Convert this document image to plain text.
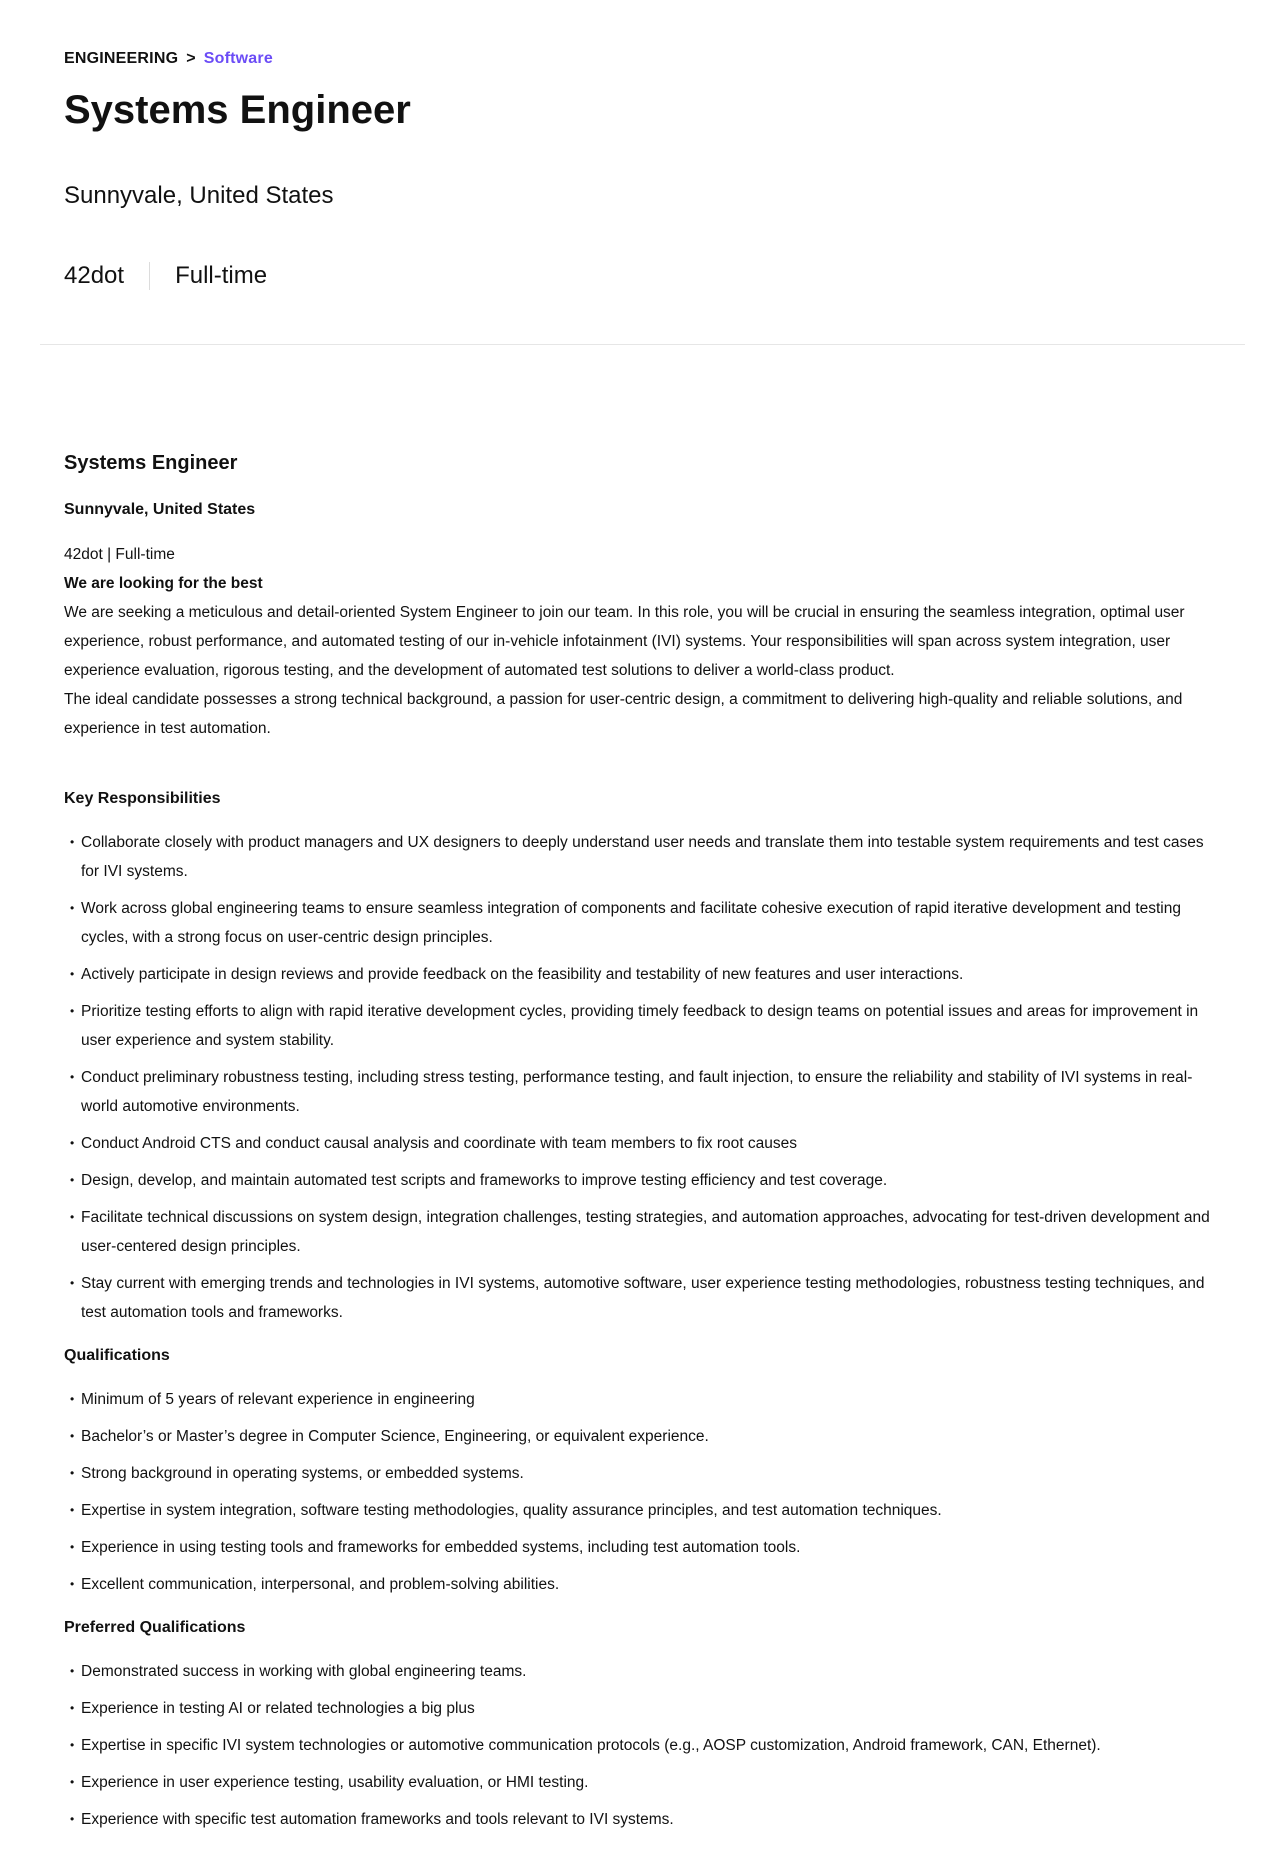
ENGINEERING > Software
Systems Engineer
Sunnyvale, United States
42dot Full-time
Systems Engineer
Sunnyvale, United States
42dot | Full-time
We are looking for the best

We are seeking a meticulous and detail-oriented System Engineer to join our team. In this role, you will be crucial in ensuring the seamless integration, optimal user experience, robust performance, and automated testing of our in-vehicle infotainment (IVI) systems. Your responsibilities will span across system integration, user experience evaluation, rigorous testing, and the development of automated test solutions to deliver a world-class product.

The ideal candidate possesses a strong technical background, a passion for user-centric design, a commitment to delivering high-quality and reliable solutions, and experience in test automation.

Key Responsibilities
• Collaborate closely with product managers and UX designers to deeply understand user needs and translate them into testable system requirements and test cases for IVI systems.
• Work across global engineering teams to ensure seamless integration of components and facilitate cohesive execution of rapid iterative development and testing cycles, with a strong focus on user-centric design principles.
• Actively participate in design reviews and provide feedback on the feasibility and testability of new features and user interactions.
• Prioritize testing efforts to align with rapid iterative development cycles, providing timely feedback to design teams on potential issues and areas for improvement in user experience and system stability.
• Conduct preliminary robustness testing, including stress testing, performance testing, and fault injection, to ensure the reliability and stability of IVI systems in real-world automotive environments.
• Conduct Android CTS and conduct causal analysis and coordinate with team members to fix root causes
• Design, develop, and maintain automated test scripts and frameworks to improve testing efficiency and test coverage.
• Facilitate technical discussions on system design, integration challenges, testing strategies, and automation approaches, advocating for test-driven development and user-centered design principles.
• Stay current with emerging trends and technologies in IVI systems, automotive software, user experience testing methodologies, robustness testing techniques, and test automation tools and frameworks.
Qualifications
• Minimum of 5 years of relevant experience in engineering
• Bachelor’s or Master’s degree in Computer Science, Engineering, or equivalent experience.
• Strong background in operating systems, or embedded systems.
• Expertise in system integration, software testing methodologies, quality assurance principles, and test automation techniques.
• Experience in using testing tools and frameworks for embedded systems, including test automation tools.
• Excellent communication, interpersonal, and problem-solving abilities.
Preferred Qualifications
• Demonstrated success in working with global engineering teams.
• Experience in testing AI or related technologies a big plus
• Expertise in specific IVI system technologies or automotive communication protocols (e.g., AOSP customization, Android framework, CAN, Ethernet).
• Experience in user experience testing, usability evaluation, or HMI testing.
• Experience with specific test automation frameworks and tools relevant to IVI systems.
